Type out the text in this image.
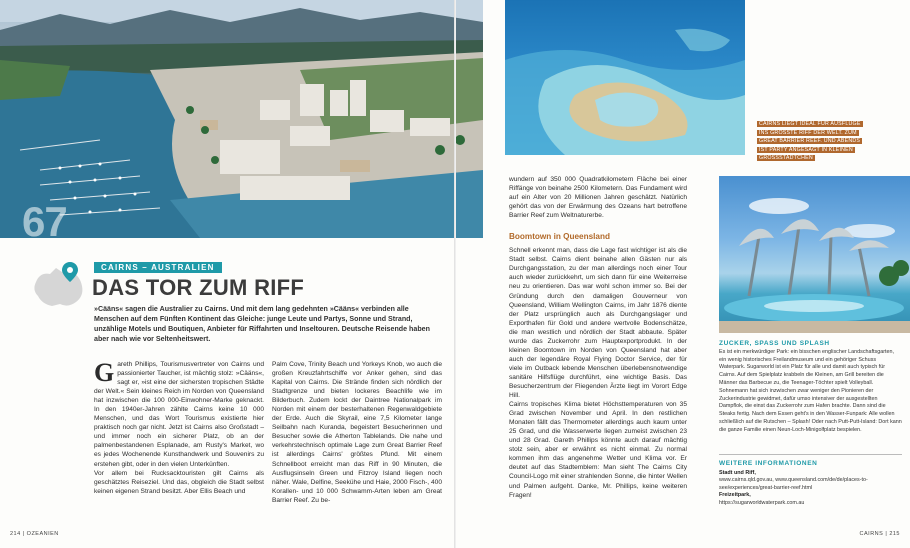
67
CAIRNS LIEGT IDEAL FÜR AUSFLÜGE INS GRÖSSTE RIFF DER WELT. ZUM GREAT BARRIER REEF. UND ABENDS IST PARTY ANGESAGT IN KLEINEN GROSSSTADTCHEN
CAIRNS – AUSTRALIEN
DAS TOR ZUM RIFF

»Cääns« sagen die Australier zu Cairns. Und mit dem lang gedehnten »Cääns« verbinden alle Menschen auf dem Fünften Kontinent das Gleiche: junge Leute und Partys, Sonne und Strand, unzählige Motels und Boutiquen, Anbieter für Riffahrten und Inseltouren. Deutsche Reisende haben aber nach wie vor Seltenheitswert.

Gareth Phillips, Tourismusvertreter von Cairns und passionierter Taucher, ist mächtig stolz: »Cääns«, sagt er, »ist eine der sichersten tropischen Städte der Welt.« Sein kleines Reich im Norden von Queensland hat inzwischen die 100 000-Einwohner-Marke geknackt. In den 1940er-Jahren zählte Cairns keine 10 000 Menschen, und das Wort Tourismus existierte hier praktisch noch gar nicht. Jetzt ist Cairns also Großstadt – und immer noch ein sicherer Platz, ob an der palmenbestandenen Esplanade, am Rusty's Market, wo es jedes Wochenende Kunsthandwerk und Souvenirs zu erstehen gibt, oder in den vielen Unterkünften.

Vor allem bei Rucksacktouristen gilt Cairns als geschätztes Reiseziel. Und das, obgleich die Stadt selbst keinen eigenen Strand besitzt. Aber Ellis Beach und

Palm Cove, Trinity Beach und Yorkeys Knob, wo auch die großen Kreuzfahrtschiffe vor Anker gehen, sind das Kapital von Cairns. Die Strände finden sich nördlich der Stadtgrenze und bieten lockeres Beachlife wie im Bilderbuch. Zudem lockt der Daintree Nationalpark im Norden mit einem der besterhaltenen Regenwaldgebiete der Erde. Auch die Skyrail, eine 7,5 Kilometer lange Seilbahn nach Kuranda, begeistert Besucherinnen und Besucher sowie die Atherton Tablelands. Die nahe und verkehrstechnisch optimale Lage zum Great Barrier Reef ist allerdings Cairns' größtes Pfund. Mit einem Schnellboot erreicht man das Riff in 90 Minuten, die Ausflugsinseln Green und Fitzroy Island liegen noch näher. Wale, Delfine, Seekühe und Haie, 2000 Fisch-, 400 Korallen- und 10 000 Schwamm-Arten leben am Great Barrier Reef. Zu be-

wundern auf 350 000 Quadratkilometern Fläche bei einer Riffänge von beinahe 2500 Kilometern. Das Fundament wird auf ein Alter von 20 Millionen Jahren geschätzt. Natürlich gehört das von der Erwärmung des Ozeans hart betroffene Barrier Reef zum Weltnaturerbe.

Boomtown in Queensland

Schnell erkennt man, dass die Lage fast wichtiger ist als die Stadt selbst. Cairns dient beinahe allen Gästen nur als Durchgangsstation, zu der man allerdings noch einer Tour auch wieder zurückkehrt, um sich dann für eine Weiterreise neu zu orientieren. Das war wohl schon immer so. Bei der Gründung durch den damaligen Gouverneur von Queensland, William Wellington Cairns, im Jahr 1876 diente der Platz ursprünglich auch als Durchgangslager und Exporthafen für Gold und andere wertvolle Bodenschätze, die man westlich und nördlich der Stadt abbaute. Später wurde das Zuckerrohr zum Hauptexportprodukt. In der kleinen Boomtown im Norden von Queensland hat aber auch der legendäre Royal Flying Doctor Service, der für viele im Outback lebende Menschen überlebensnotwendige sanitäre Hilfsflüge durchführt, eine wichtige Basis. Das Besucherzentrum der Fliegenden Ärzte liegt im Vorort Edge Hill.

Cairns tropisches Klima bietet Höchsttemperaturen von 35 Grad zwischen November und April. In den restlichen Monaten fällt das Thermometer allerdings auch kaum unter 25 Grad, und die Wasserwerte liegen zumeist zwischen 23 und 28 Grad. Gareth Phillips könnte auch darauf mächtig stolz sein, aber er erwähnt es nicht einmal. Zu normal kommen ihm das angenehme Wetter und Klima vor. Er deutet auf das Stadtemblem: Man sieht The Cairns City Council-Logo mit einer strahlenden Sonne, die hinter Wellen und Palmen aufgeht. Danke, Mr. Phillips, keine weiteren Fragen!

ZUCKER, SPASS UND SPLASH

Es ist ein merkwürdiger Park: ein bisschen englischer Landschaftsgarten, ein wenig historisches Freilandmuseum und ein gehöriger Schuss Waterpark. Sugarworld ist ein Platz für alle und damit auch typisch für Cairns. Auf dem Spielplatz krabbeln die Kleinen, am Grill bereiten die Männer das Barbecue zu, die Teenager-Töchter spielt Volleyball. Sohnemann hat sich inzwischen zwar weniger den Pionieren der Zuckerindustrie gewidmet, dafür umso intensiver der ausgestellten Dampflok, die einst das Zuckerrohr zum Hafen brachte. Dann sind die Steaks fertig. Nach dem Essen geht's in den Wasser-Funpark: Alle wollen schließlich auf die Rutschen – Splash! Oder nach Putt-Putt-Island: Dort kann die ganze Familie einen Neun-Loch-Minigolfplatz bespielen.

WEITERE INFORMATIONEN

Stadt und Riff,

www.cairns.qld.gov.au, www.queensland.com/de/de/places-to-see/experiences/great-barrier-reef.html

Freizeitpark,

https://sugarworldwaterpark.com.au

214 | OZEANIEN	CAIRNS | 215
